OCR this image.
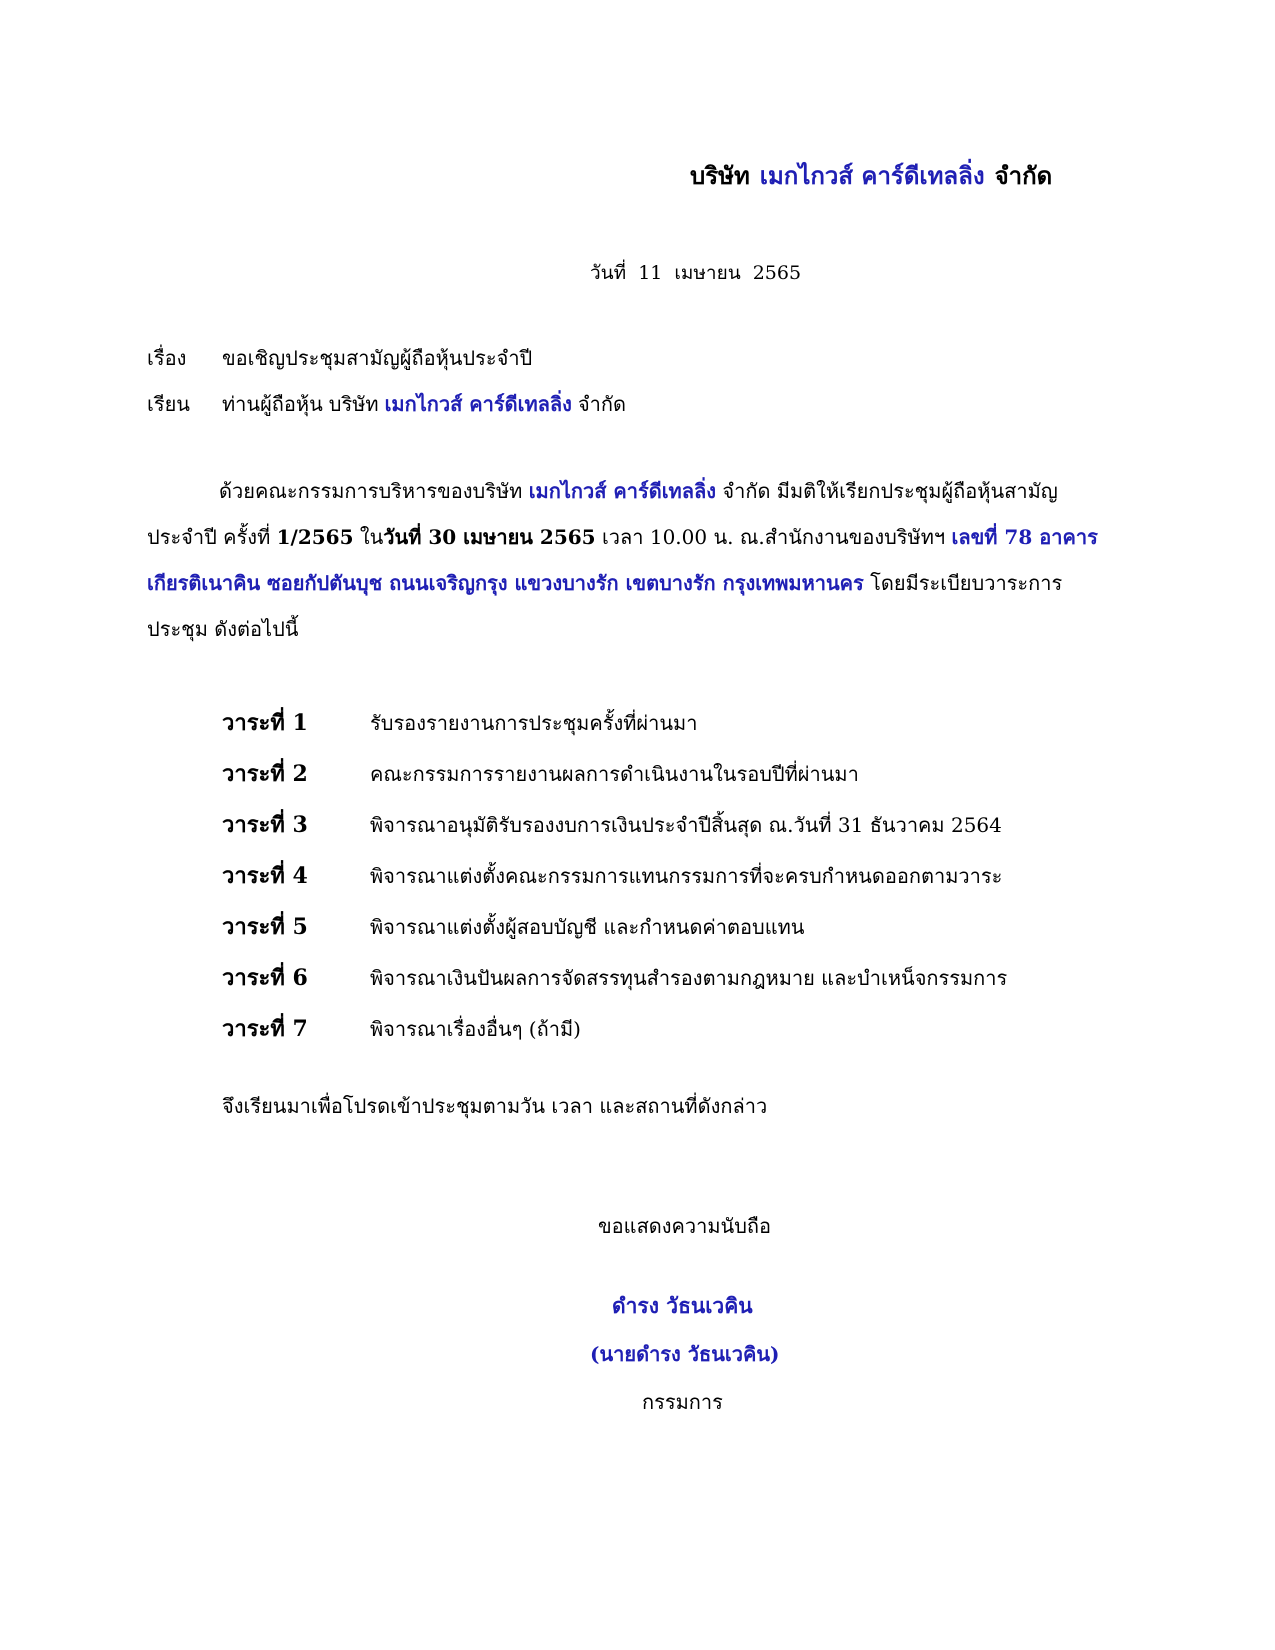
บริษัท เมกไกวส์ คาร์ดีเทลลิ่ง จำกัด
วันที่ 11 เมษายน 2565
เรื่อง ขอเชิญประชุมสามัญผู้ถือหุ้นประจำปี
เรียน ท่านผู้ถือหุ้น บริษัท เมกไกวส์ คาร์ดีเทลลิ่ง จำกัด
ด้วยคณะกรรมการบริหารของบริษัท เมกไกวส์ คาร์ดีเทลลิ่ง จำกัด มีมติให้เรียกประชุมผู้ถือหุ้นสามัญ
ประจำปี ครั้งที่ 1/2565 ในวันที่ 30 เมษายน 2565 เวลา 10.00 น. ณ.สำนักงานของบริษัทฯ เลขที่ 78 อาคาร
เกียรติเนาคิน ซอยกัปตันบุช ถนนเจริญกรุง แขวงบางรัก เขตบางรัก กรุงเทพมหานคร โดยมีระเบียบวาระการ
ประชุม ดังต่อไปนี้
วาระที่ 1	รับรองรายงานการประชุมครั้งที่ผ่านมา
วาระที่ 2	คณะกรรมการรายงานผลการดำเนินงานในรอบปีที่ผ่านมา
วาระที่ 3	พิจารณาอนุมัติรับรองงบการเงินประจำปีสิ้นสุด ณ.วันที่ 31 ธันวาคม 2564
วาระที่ 4	พิจารณาแต่งตั้งคณะกรรมการแทนกรรมการที่จะครบกำหนดออกตามวาระ
วาระที่ 5	พิจารณาแต่งตั้งผู้สอบบัญชี และกำหนดค่าตอบแทน
วาระที่ 6	พิจารณาเงินปันผลการจัดสรรทุนสำรองตามกฎหมาย และบำเหน็จกรรมการ
วาระที่ 7	พิจารณาเรื่องอื่นๆ (ถ้ามี)
จึงเรียนมาเพื่อโปรดเข้าประชุมตามวัน เวลา และสถานที่ดังกล่าว
ขอแสดงความนับถือ
ดำรง วัธนเวคิน
(นายดำรง วัธนเวคิน)
กรรมการ
